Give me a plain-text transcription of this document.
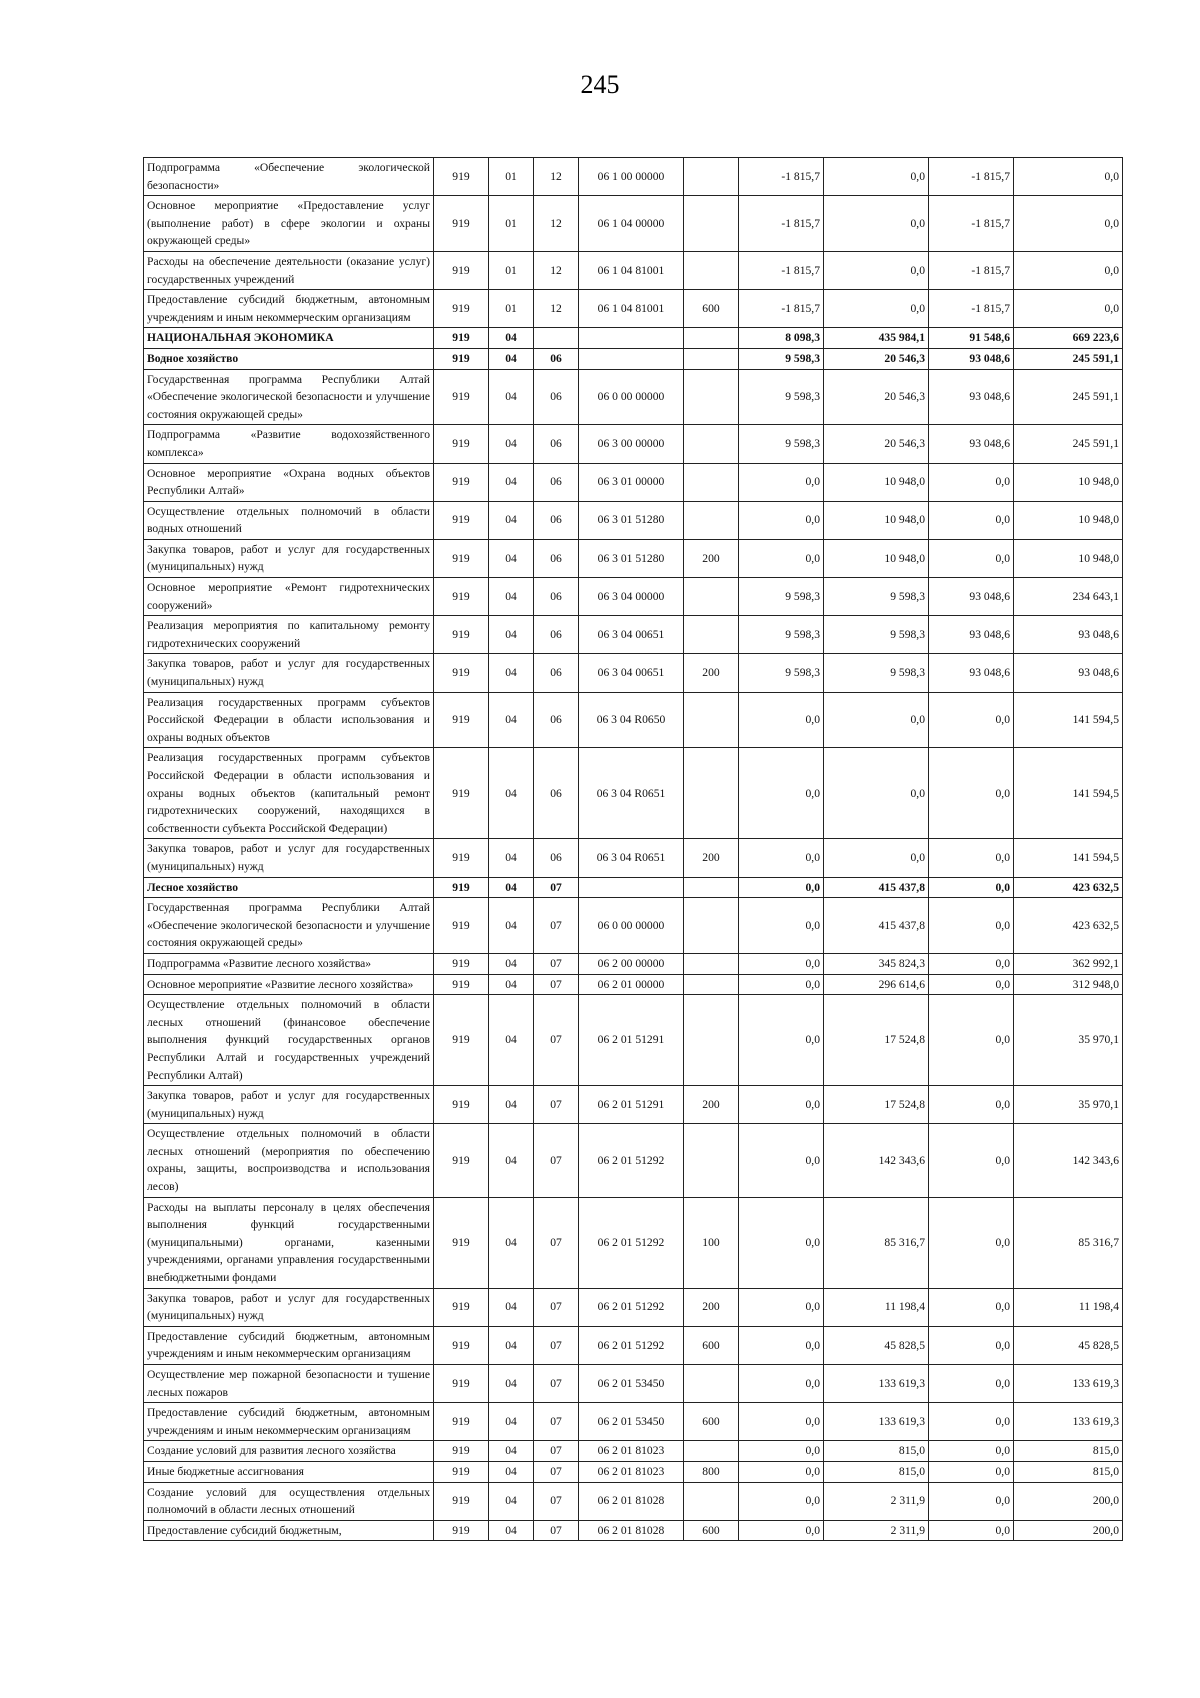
245
Подпрограмма «Обеспечение экологической безопасности»	919	01	12	06 1 00 00000		-1 815,7	0,0	-1 815,7	0,0
Основное мероприятие «Предоставление услуг (выполнение работ) в сфере экологии и охраны окружающей среды»	919	01	12	06 1 04 00000		-1 815,7	0,0	-1 815,7	0,0
Расходы на обеспечение деятельности (оказание услуг) государственных учреждений	919	01	12	06 1 04 81001		-1 815,7	0,0	-1 815,7	0,0
Предоставление субсидий бюджетным, автономным учреждениям и иным некоммерческим организациям	919	01	12	06 1 04 81001	600	-1 815,7	0,0	-1 815,7	0,0
НАЦИОНАЛЬНАЯ ЭКОНОМИКА	919	04				8 098,3	435 984,1	91 548,6	669 223,6
Водное хозяйство	919	04	06			9 598,3	20 546,3	93 048,6	245 591,1
Государственная программа Республики Алтай «Обеспечение экологической безопасности и улучшение состояния окружающей среды»	919	04	06	06 0 00 00000		9 598,3	20 546,3	93 048,6	245 591,1
Подпрограмма «Развитие водохозяйственного комплекса»	919	04	06	06 3 00 00000		9 598,3	20 546,3	93 048,6	245 591,1
Основное мероприятие «Охрана водных объектов Республики Алтай»	919	04	06	06 3 01 00000		0,0	10 948,0	0,0	10 948,0
Осуществление отдельных полномочий в области водных отношений	919	04	06	06 3 01 51280		0,0	10 948,0	0,0	10 948,0
Закупка товаров, работ и услуг для государственных (муниципальных) нужд	919	04	06	06 3 01 51280	200	0,0	10 948,0	0,0	10 948,0
Основное мероприятие «Ремонт гидротехнических сооружений»	919	04	06	06 3 04 00000		9 598,3	9 598,3	93 048,6	234 643,1
Реализация мероприятия по капитальному ремонту гидротехнических сооружений	919	04	06	06 3 04 00651		9 598,3	9 598,3	93 048,6	93 048,6
Закупка товаров, работ и услуг для государственных (муниципальных) нужд	919	04	06	06 3 04 00651	200	9 598,3	9 598,3	93 048,6	93 048,6
Реализация государственных программ субъектов Российской Федерации в области использования и охраны водных объектов	919	04	06	06 3 04 R0650		0,0	0,0	0,0	141 594,5
Реализация государственных программ субъектов Российской Федерации в области использования и охраны водных объектов (капитальный ремонт гидротехнических сооружений, находящихся в собственности субъекта Российской Федерации)	919	04	06	06 3 04 R0651		0,0	0,0	0,0	141 594,5
Закупка товаров, работ и услуг для государственных (муниципальных) нужд	919	04	06	06 3 04 R0651	200	0,0	0,0	0,0	141 594,5
Лесное хозяйство	919	04	07			0,0	415 437,8	0,0	423 632,5
Государственная программа Республики Алтай «Обеспечение экологической безопасности и улучшение состояния окружающей среды»	919	04	07	06 0 00 00000		0,0	415 437,8	0,0	423 632,5
Подпрограмма «Развитие лесного хозяйства»	919	04	07	06 2 00 00000		0,0	345 824,3	0,0	362 992,1
Основное мероприятие «Развитие лесного хозяйства»	919	04	07	06 2 01 00000		0,0	296 614,6	0,0	312 948,0
Осуществление отдельных полномочий в области лесных отношений (финансовое обеспечение выполнения функций государственных органов Республики Алтай и государственных учреждений Республики Алтай)	919	04	07	06 2 01 51291		0,0	17 524,8	0,0	35 970,1
Закупка товаров, работ и услуг для государственных (муниципальных) нужд	919	04	07	06 2 01 51291	200	0,0	17 524,8	0,0	35 970,1
Осуществление отдельных полномочий в области лесных отношений (мероприятия по обеспечению охраны, защиты, воспроизводства и использования лесов)	919	04	07	06 2 01 51292		0,0	142 343,6	0,0	142 343,6
Расходы на выплаты персоналу в целях обеспечения выполнения функций государственными (муниципальными) органами, казенными учреждениями, органами управления государственными внебюджетными фондами	919	04	07	06 2 01 51292	100	0,0	85 316,7	0,0	85 316,7
Закупка товаров, работ и услуг для государственных (муниципальных) нужд	919	04	07	06 2 01 51292	200	0,0	11 198,4	0,0	11 198,4
Предоставление субсидий бюджетным, автономным учреждениям и иным некоммерческим организациям	919	04	07	06 2 01 51292	600	0,0	45 828,5	0,0	45 828,5
Осуществление мер пожарной безопасности и тушение лесных пожаров	919	04	07	06 2 01 53450		0,0	133 619,3	0,0	133 619,3
Предоставление субсидий бюджетным, автономным учреждениям и иным некоммерческим организациям	919	04	07	06 2 01 53450	600	0,0	133 619,3	0,0	133 619,3
Создание условий для развития лесного хозяйства	919	04	07	06 2 01 81023		0,0	815,0	0,0	815,0
Иные бюджетные ассигнования	919	04	07	06 2 01 81023	800	0,0	815,0	0,0	815,0
Создание условий для осуществления отдельных полномочий в области лесных отношений	919	04	07	06 2 01 81028		0,0	2 311,9	0,0	200,0
Предоставление субсидий бюджетным,	919	04	07	06 2 01 81028	600	0,0	2 311,9	0,0	200,0
